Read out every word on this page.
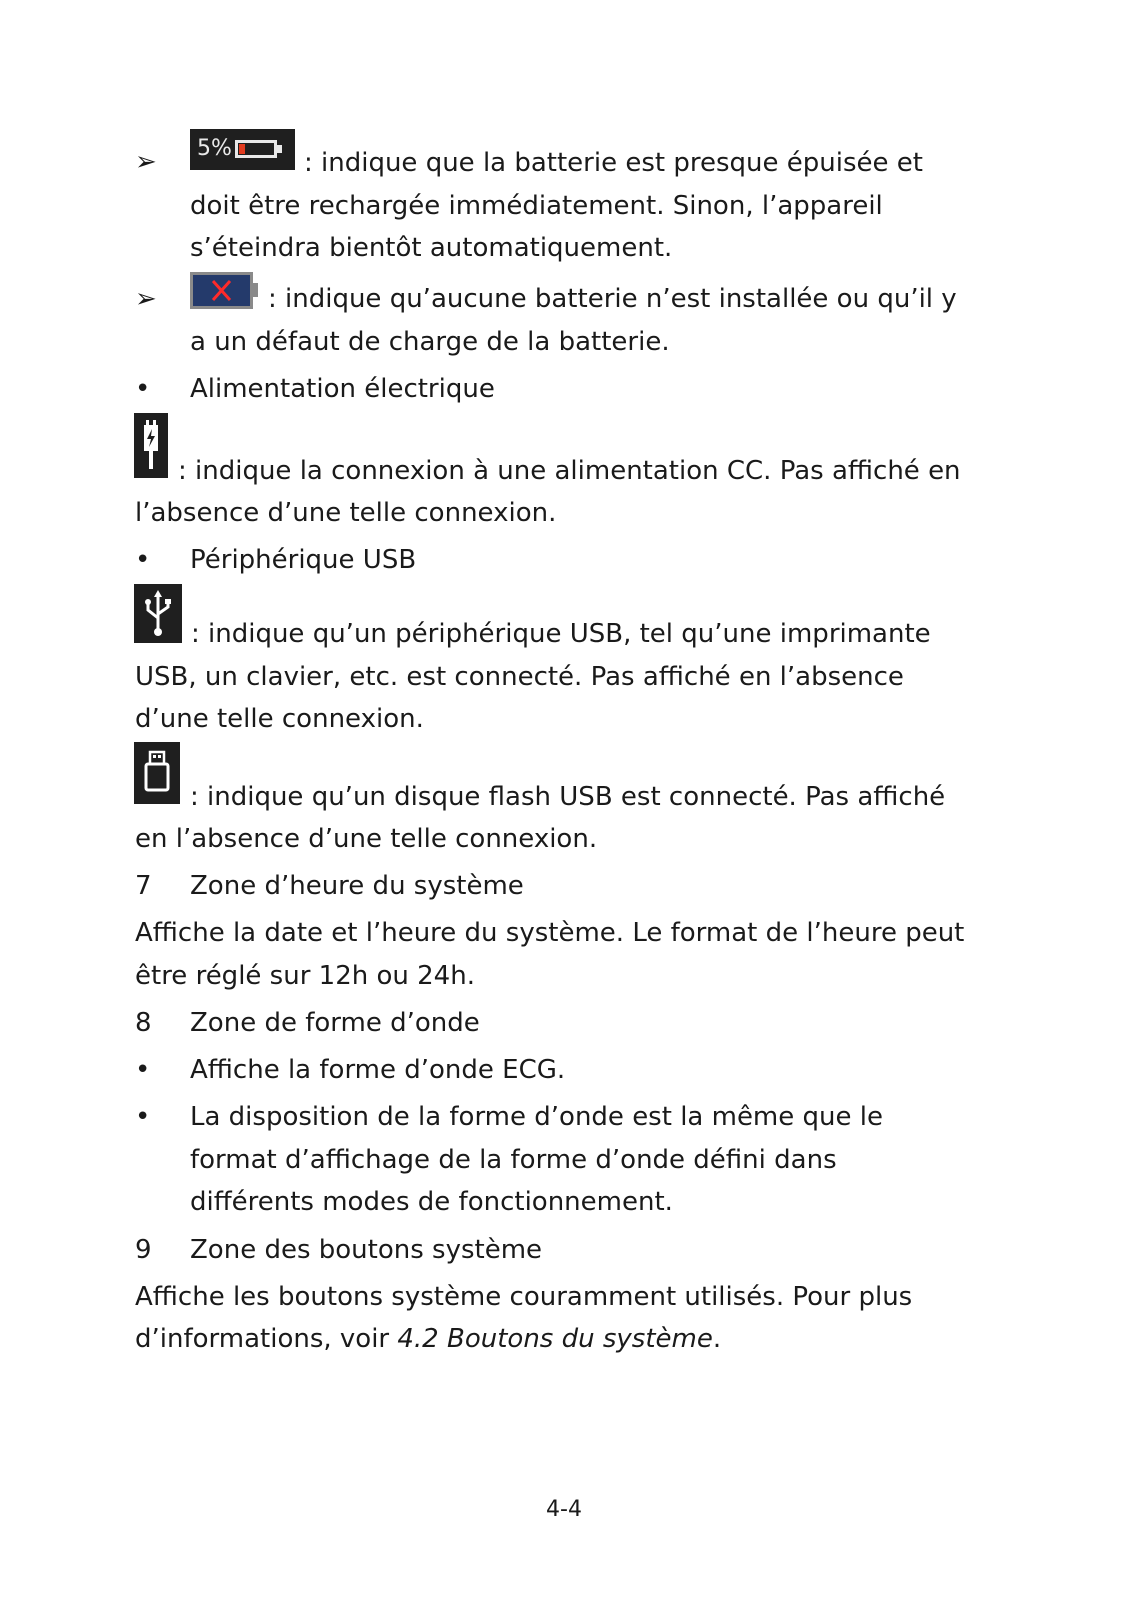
➢ 5%	: indique que la batterie est presque épuisée et
doit être rechargée immédiatement. Sinon, l’appareil
s’éteindra bientôt automatiquement.
➢	: indique qu’aucune batterie n’est installée ou qu’il y
a un défaut de charge de la batterie.
• Alimentation électrique
: indique la connexion à une alimentation CC. Pas affiché en
l’absence d’une telle connexion.
• Périphérique USB
: indique qu’un périphérique USB, tel qu’une imprimante
USB, un clavier, etc. est connecté. Pas affiché en l’absence
d’une telle connexion.
: indique qu’un disque flash USB est connecté. Pas affiché
en l’absence d’une telle connexion.
7 Zone d’heure du système
Affiche la date et l’heure du système. Le format de l’heure peut
être réglé sur 12h ou 24h.
8 Zone de forme d’onde
• Affiche la forme d’onde ECG.
• La disposition de la forme d’onde est la même que le
format d’affichage de la forme d’onde défini dans
différents modes de fonctionnement.
9 Zone des boutons système
Affiche les boutons système couramment utilisés. Pour plus
d’informations, voir 4.2 Boutons du système.
4-4
